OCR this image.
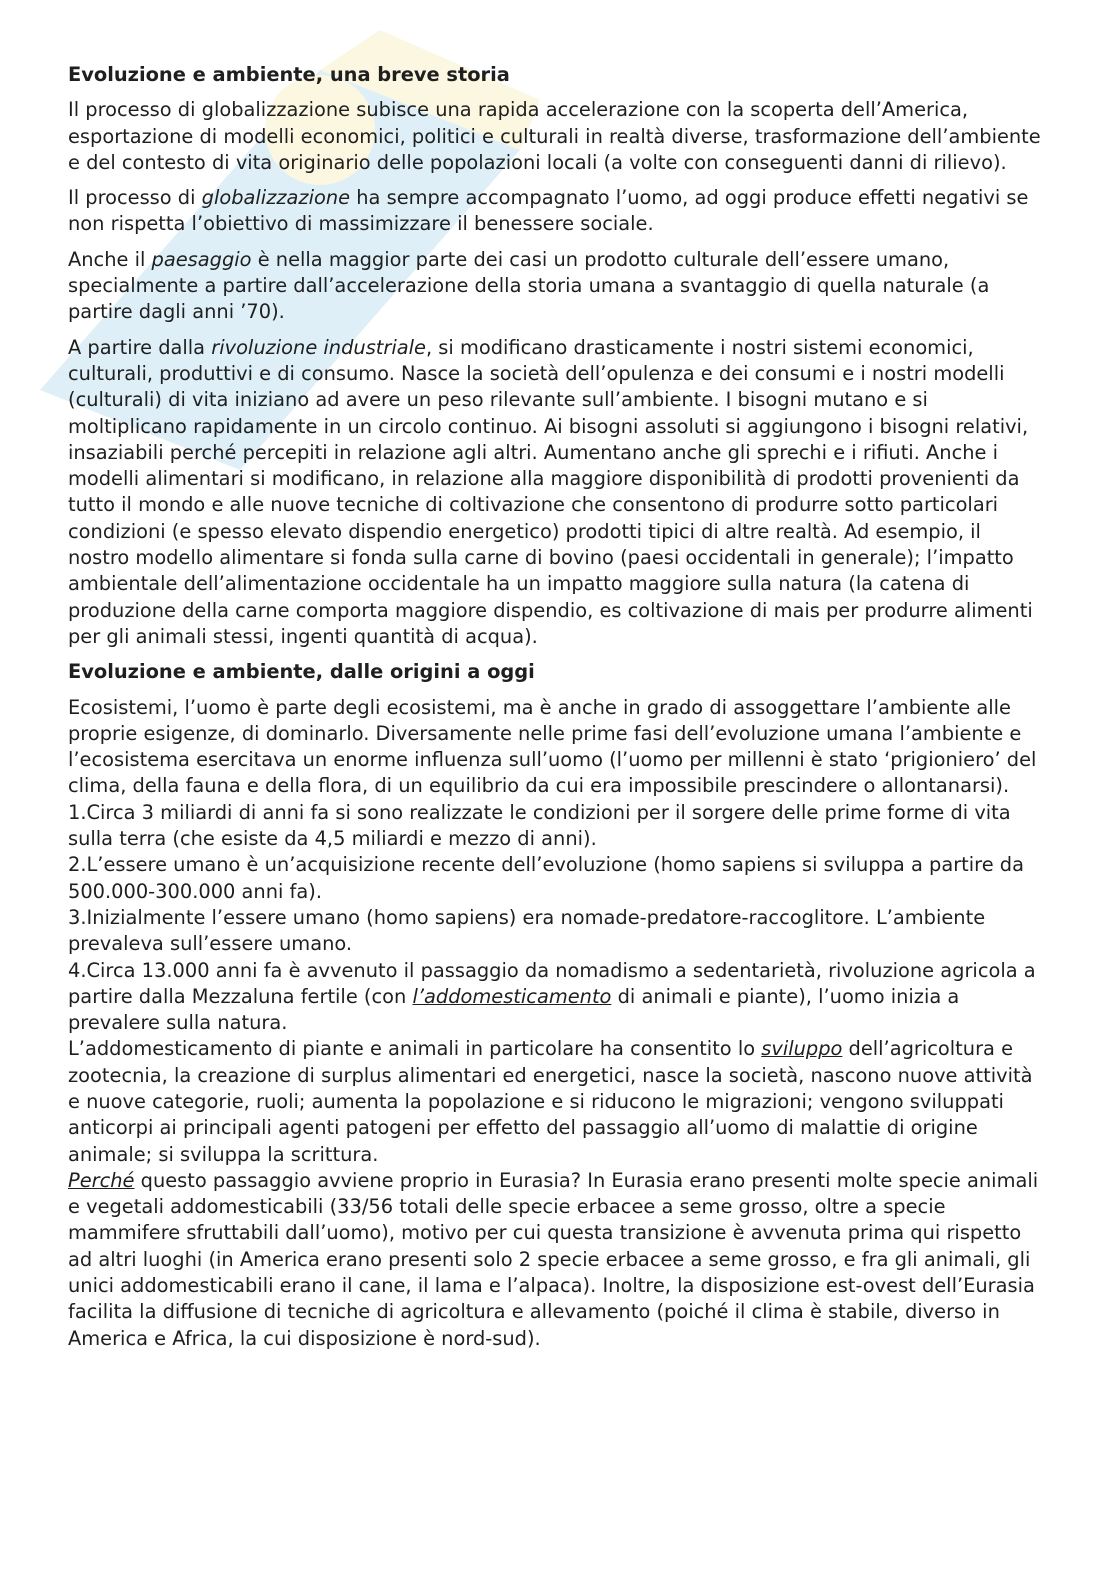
Evoluzione e ambiente, una breve storia
Il processo di globalizzazione subisce una rapida accelerazione con la scoperta dell’America, esportazione di modelli economici, politici e culturali in realtà diverse, trasformazione dell’ambiente e del contesto di vita originario delle popolazioni locali (a volte con conseguenti danni di rilievo).
Il processo di globalizzazione ha sempre accompagnato l’uomo, ad oggi produce effetti negativi se non rispetta l’obiettivo di massimizzare il benessere sociale.
Anche il paesaggio è nella maggior parte dei casi un prodotto culturale dell’essere umano, specialmente a partire dall’accelerazione della storia umana a svantaggio di quella naturale (a partire dagli anni ’70).
A partire dalla rivoluzione industriale, si modificano drasticamente i nostri sistemi economici, culturali, produttivi e di consumo. Nasce la società dell’opulenza e dei consumi e i nostri modelli (culturali) di vita iniziano ad avere un peso rilevante sull’ambiente. I bisogni mutano e si moltiplicano rapidamente in un circolo continuo. Ai bisogni assoluti si aggiungono i bisogni relativi, insaziabili perché percepiti in relazione agli altri. Aumentano anche gli sprechi e i rifiuti. Anche i modelli alimentari si modificano, in relazione alla maggiore disponibilità di prodotti provenienti da tutto il mondo e alle nuove tecniche di coltivazione che consentono di produrre sotto particolari condizioni (e spesso elevato dispendio energetico) prodotti tipici di altre realtà. Ad esempio, il nostro modello alimentare si fonda sulla carne di bovino (paesi occidentali in generale); l’impatto ambientale dell’alimentazione occidentale ha un impatto maggiore sulla natura (la catena di produzione della carne comporta maggiore dispendio, es coltivazione di mais per produrre alimenti per gli animali stessi, ingenti quantità di acqua).
Evoluzione e ambiente, dalle origini a oggi
Ecosistemi, l’uomo è parte degli ecosistemi, ma è anche in grado di assoggettare l’ambiente alle proprie esigenze, di dominarlo. Diversamente nelle prime fasi dell’evoluzione umana l’ambiente e l’ecosistema esercitava un enorme influenza sull’uomo (l’uomo per millenni è stato ‘prigioniero’ del clima, della fauna e della flora, di un equilibrio da cui era impossibile prescindere o allontanarsi).
1.Circa 3 miliardi di anni fa si sono realizzate le condizioni per il sorgere delle prime forme di vita sulla terra (che esiste da 4,5 miliardi e mezzo di anni).
2.L’essere umano è un’acquisizione recente dell’evoluzione (homo sapiens si sviluppa a partire da 500.000-300.000 anni fa).
3.Inizialmente l’essere umano (homo sapiens) era nomade-predatore-raccoglitore. L’ambiente prevaleva sull’essere umano.
4.Circa 13.000 anni fa è avvenuto il passaggio da nomadismo a sedentarietà, rivoluzione agricola a partire dalla Mezzaluna fertile (con l’addomesticamento di animali e piante), l’uomo inizia a prevalere sulla natura.
L’addomesticamento di piante e animali in particolare ha consentito lo sviluppo dell’agricoltura e zootecnia, la creazione di surplus alimentari ed energetici, nasce la società, nascono nuove attività e nuove categorie, ruoli; aumenta la popolazione e si riducono le migrazioni; vengono sviluppati anticorpi ai principali agenti patogeni per effetto del passaggio all’uomo di malattie di origine animale; si sviluppa la scrittura.
Perché questo passaggio avviene proprio in Eurasia? In Eurasia erano presenti molte specie animali e vegetali addomesticabili (33/56 totali delle specie erbacee a seme grosso, oltre a specie mammifere sfruttabili dall’uomo), motivo per cui questa transizione è avvenuta prima qui rispetto ad altri luoghi (in America erano presenti solo 2 specie erbacee a seme grosso, e fra gli animali, gli unici addomesticabili erano il cane, il lama e l’alpaca). Inoltre, la disposizione est-ovest dell’Eurasia facilita la diffusione di tecniche di agricoltura e allevamento (poiché il clima è stabile, diverso in America e Africa, la cui disposizione è nord-sud).
